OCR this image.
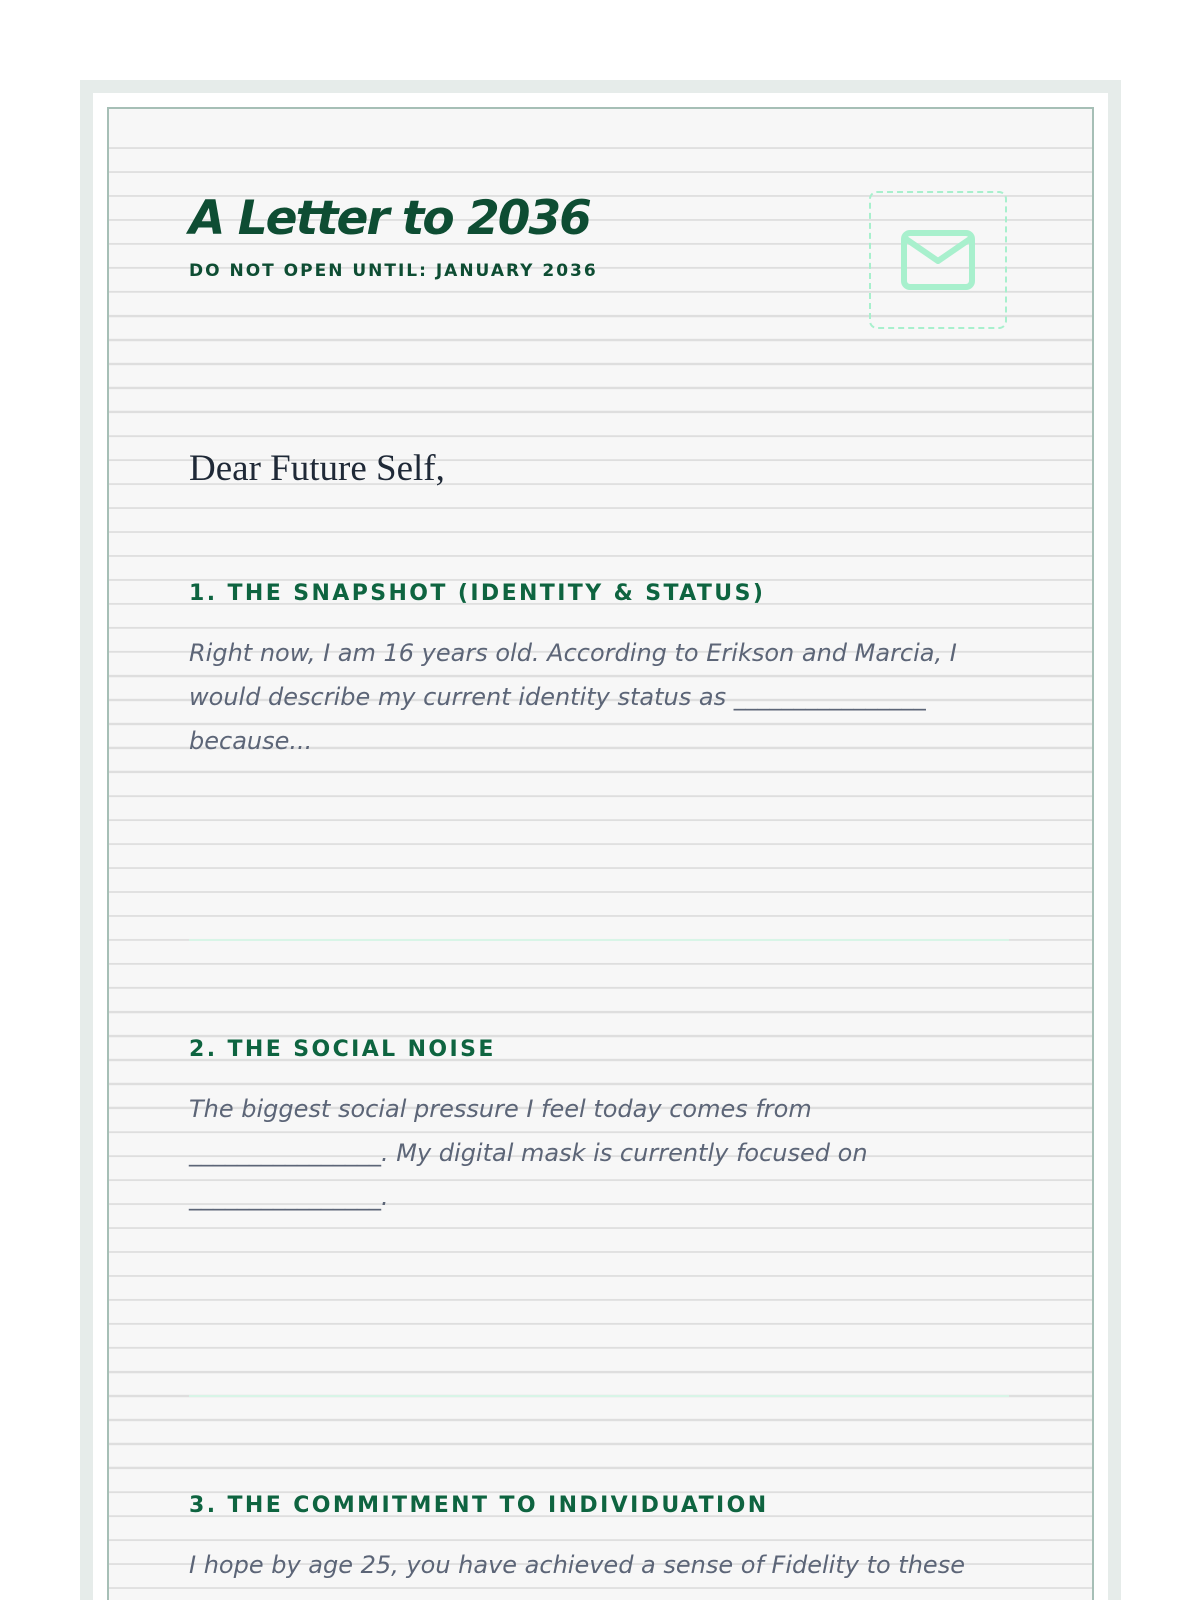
A Letter to 2036
DO NOT OPEN UNTIL: JANUARY 2036
Dear Future Self,
1. THE SNAPSHOT (IDENTITY & STATUS)

Right now, I am 16 years old. According to Erikson and Marcia, I would describe my current identity status as ________________ because...

2. THE SOCIAL NOISE

The biggest social pressure I feel today comes from ________________. My digital mask is currently focused on ________________.

3. THE COMMITMENT TO INDIVIDUATION

I hope by age 25, you have achieved a sense of Fidelity to these
